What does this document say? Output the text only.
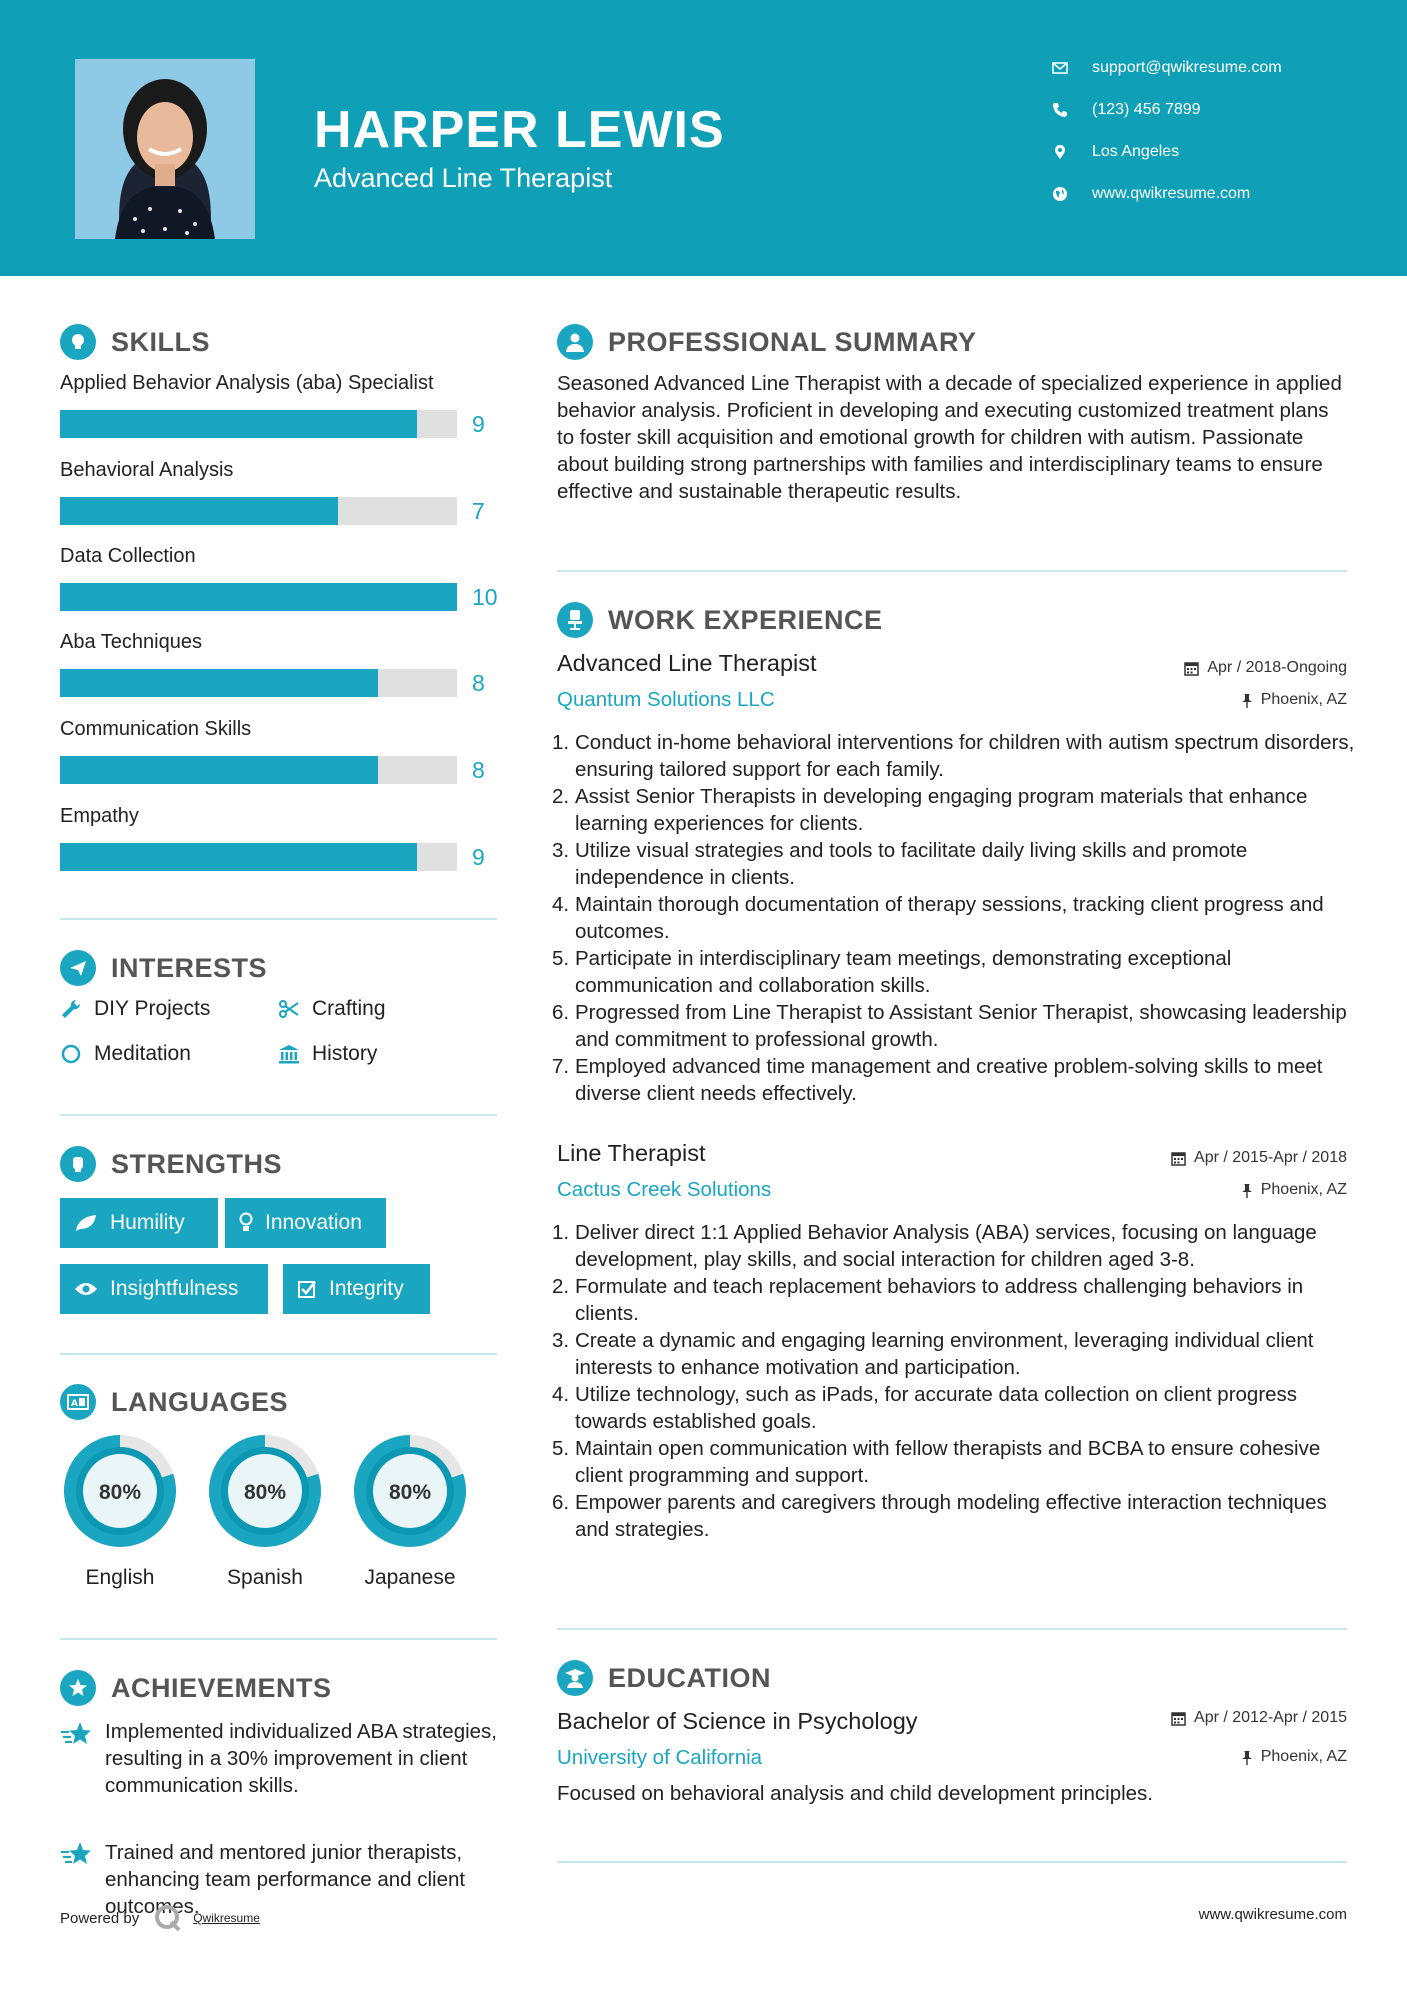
HARPER LEWIS
Advanced Line Therapist
support@qwikresume.com
(123) 456 7899
Los Angeles
www.qwikresume.com
SKILLS
Applied Behavior Analysis (aba) Specialist
9
Behavioral Analysis
7
Data Collection
10
Aba Techniques
8
Communication Skills
8
Empathy
9
INTERESTS
DIY Projects	Crafting
Meditation	History
STRENGTHS
Humility	Innovation
Insightfulness	Integrity
A LANGUAGES
80%
English
80%
Spanish
80%
Japanese
ACHIEVEMENTS
Implemented individualized ABA strategies, resulting in a 30% improvement in client communication skills.
Trained and mentored junior therapists, enhancing team performance and client outcomes.
PROFESSIONAL SUMMARY
Seasoned Advanced Line Therapist with a decade of specialized experience in applied behavior analysis. Proficient in developing and executing customized treatment plans to foster skill acquisition and emotional growth for children with autism. Passionate about building strong partnerships with families and interdisciplinary teams to ensure effective and sustainable therapeutic results.
WORK EXPERIENCE
Advanced Line Therapist	Apr / 2018-Ongoing
Quantum Solutions LLC	Phoenix, AZ
Conduct in-home behavioral interventions for children with autism spectrum disorders, ensuring tailored support for each family.
Assist Senior Therapists in developing engaging program materials that enhance learning experiences for clients.
Utilize visual strategies and tools to facilitate daily living skills and promote independence in clients.
Maintain thorough documentation of therapy sessions, tracking client progress and outcomes.
Participate in interdisciplinary team meetings, demonstrating exceptional communication and collaboration skills.
Progressed from Line Therapist to Assistant Senior Therapist, showcasing leadership and commitment to professional growth.
Employed advanced time management and creative problem-solving skills to meet diverse client needs effectively.
Line Therapist	Apr / 2015-Apr / 2018
Cactus Creek Solutions	Phoenix, AZ
Deliver direct 1:1 Applied Behavior Analysis (ABA) services, focusing on language development, play skills, and social interaction for children aged 3-8.
Formulate and teach replacement behaviors to address challenging behaviors in clients.
Create a dynamic and engaging learning environment, leveraging individual client interests to enhance motivation and participation.
Utilize technology, such as iPads, for accurate data collection on client progress towards established goals.
Maintain open communication with fellow therapists and BCBA to ensure cohesive client programming and support.
Empower parents and caregivers through modeling effective interaction techniques and strategies.
EDUCATION
Bachelor of Science in Psychology	Apr / 2012-Apr / 2015
University of California	Phoenix, AZ
Focused on behavioral analysis and child development principles.
Powered by	Qwikresume	www.qwikresume.com
